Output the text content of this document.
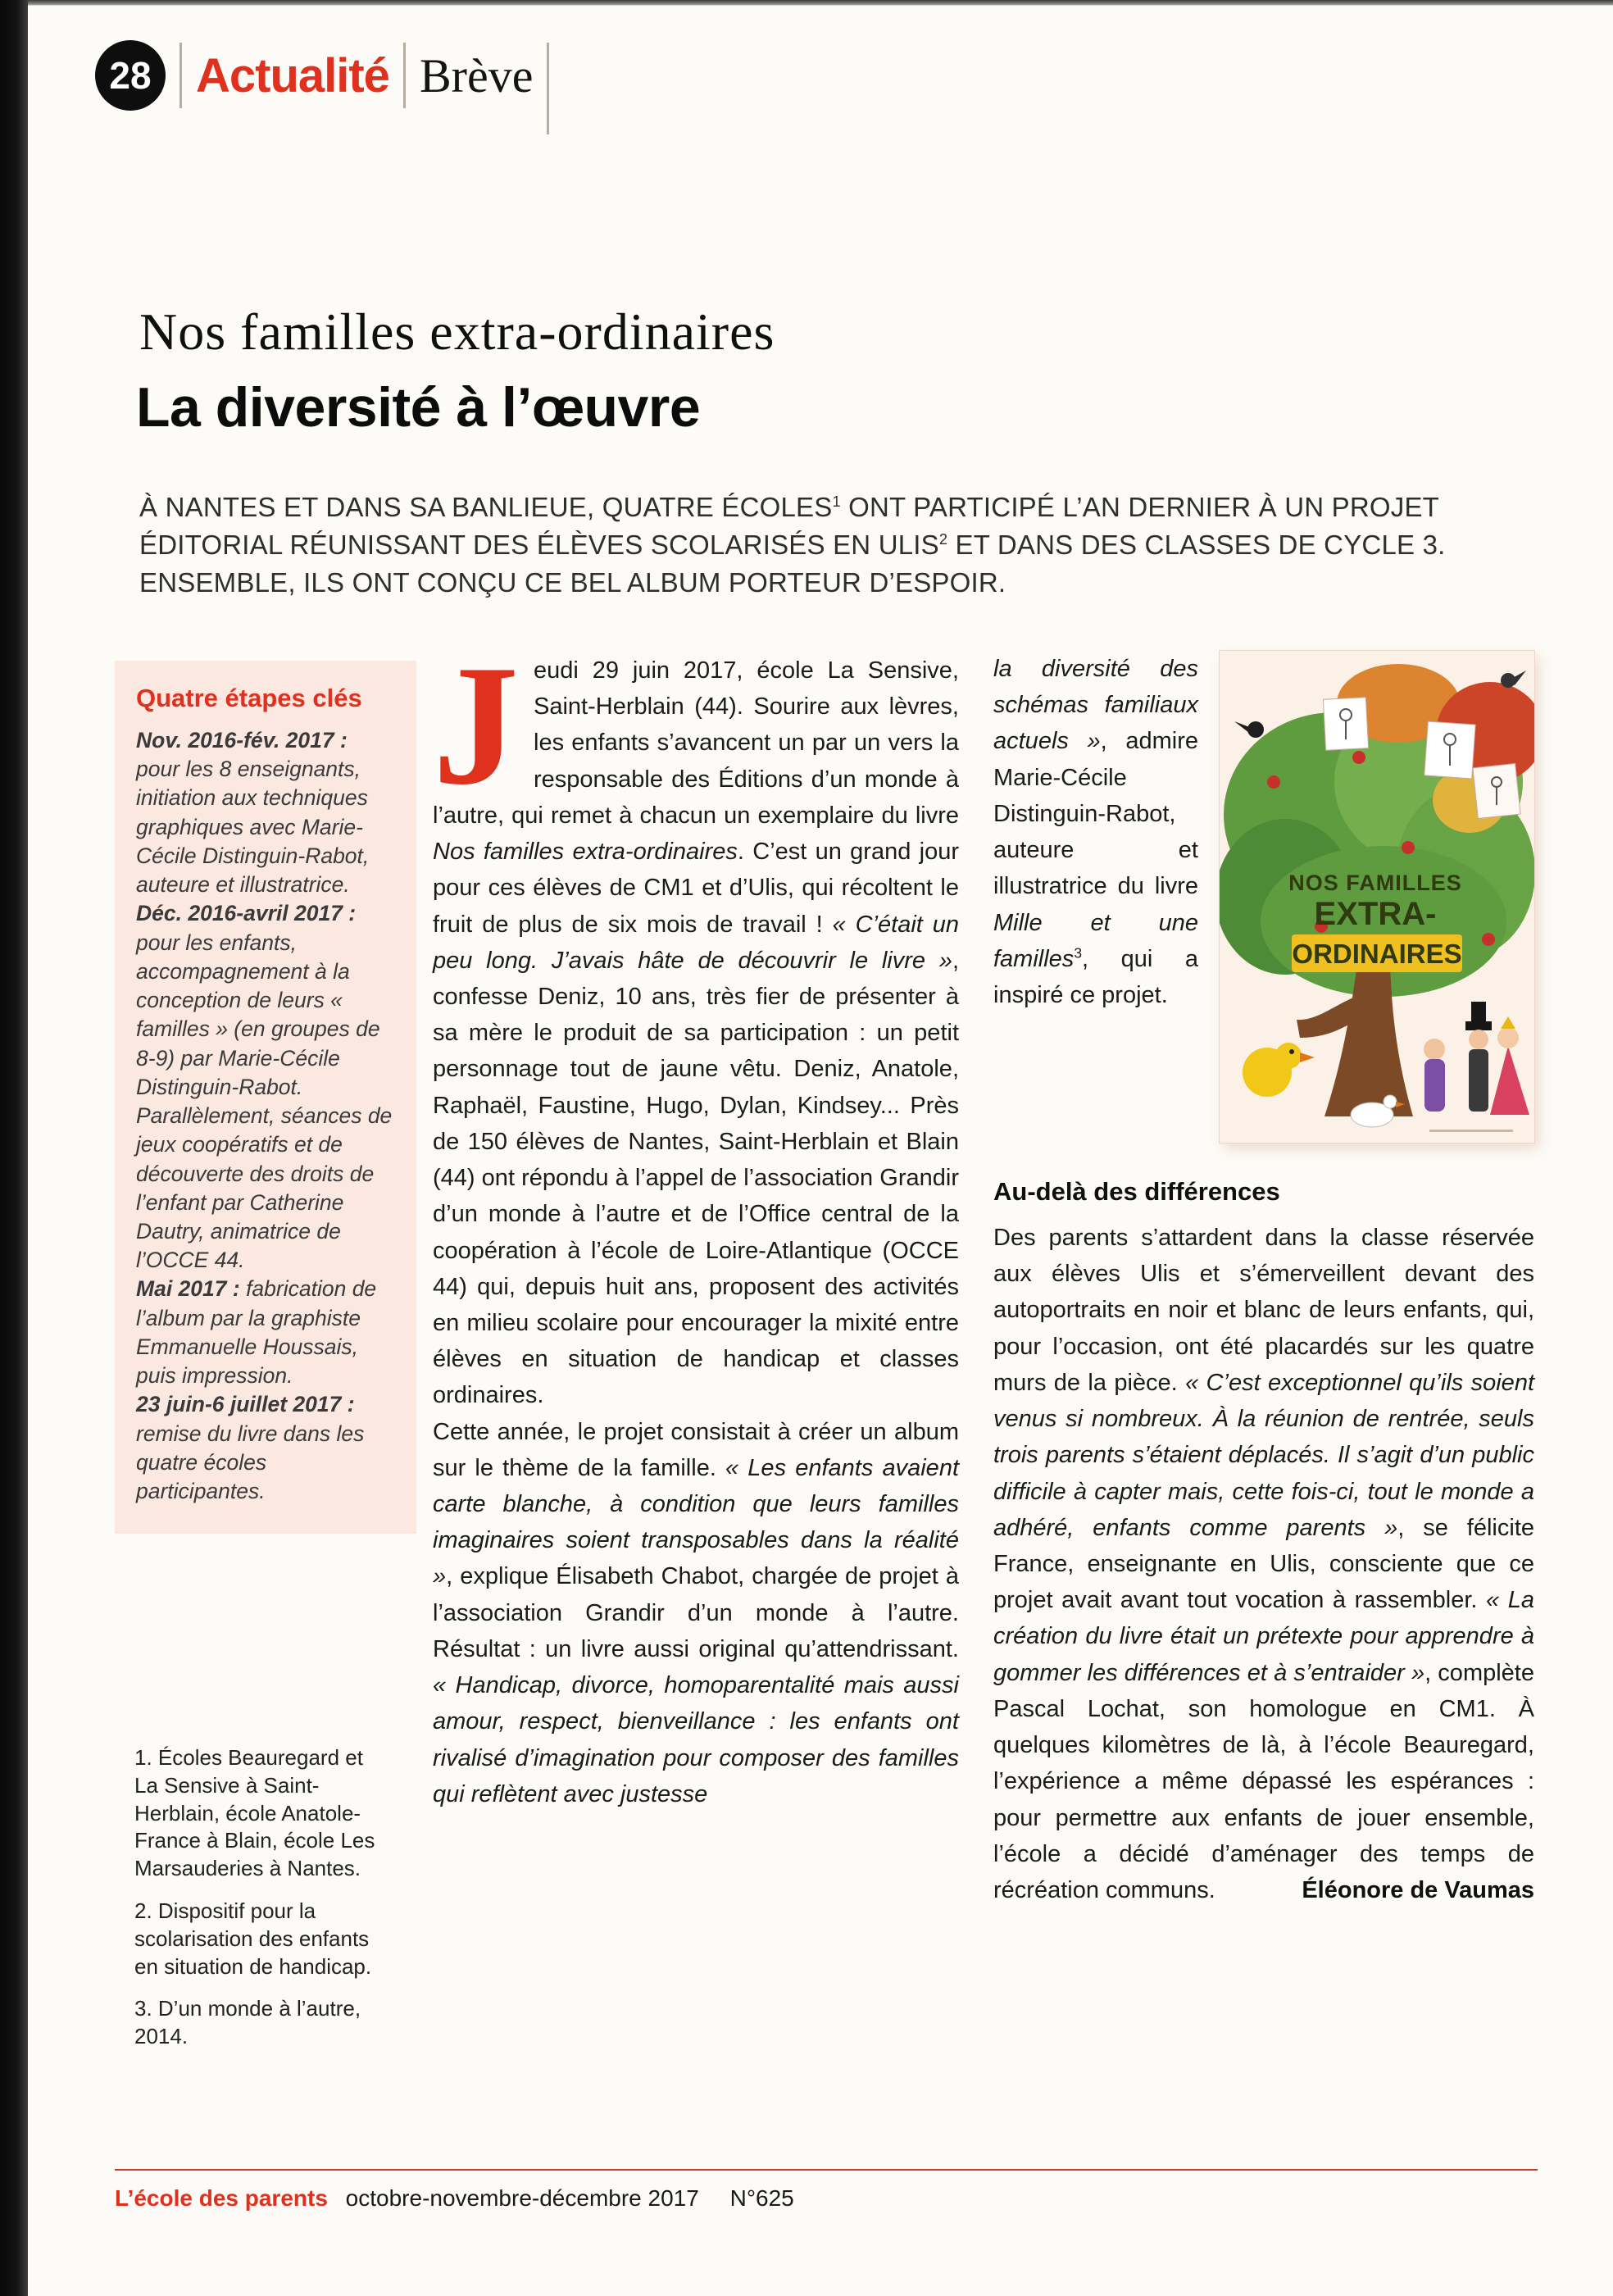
28 Actualité Brève
Nos familles extra-ordinaires
La diversité à l’œuvre

À NANTES ET DANS SA BANLIEUE, QUATRE ÉCOLES$^1$ ONT PARTICIPÉ L’AN DERNIER À UN PROJET ÉDITORIAL RÉUNISSANT DES ÉLÈVES SCOLARISÉS EN ULIS$^2$ ET DANS DES CLASSES DE CYCLE 3. ENSEMBLE, ILS ONT CONÇU CE BEL ALBUM PORTEUR D’ESPOIR.

Quatre étapes clés

Nov. 2016-fév. 2017 : pour les 8 enseignants, initiation aux techniques graphiques avec Marie-Cécile Distinguin-Rabot, auteure et illustratrice.

Déc. 2016-avril 2017 : pour les enfants, accompagnement à la conception de leurs « familles » (en groupes de 8-9) par Marie-Cécile Distinguin-Rabot. Parallèlement, séances de jeux coopératifs et de découverte des droits de l’enfant par Catherine Dautry, animatrice de l’OCCE 44.

Mai 2017 : fabrication de l’album par la graphiste Emmanuelle Houssais, puis impression.

23 juin-6 juillet 2017 : remise du livre dans les quatre écoles participantes.

1. Écoles Beauregard et La Sensive à Saint-Herblain, école Anatole-France à Blain, école Les Marsauderies à Nantes.

2. Dispositif pour la scolarisation des enfants en situation de handicap.

3. D’un monde à l’autre, 2014.

Jeudi 29 juin 2017, école La Sensive, Saint-Herblain (44). Sourire aux lèvres, les enfants s’avancent un par un vers la responsable des Éditions d’un monde à l’autre, qui remet à chacun un exemplaire du livre Nos familles extra-ordinaires. C’est un grand jour pour ces élèves de CM1 et d’Ulis, qui récoltent le fruit de plus de six mois de travail ! « C’était un peu long. J’avais hâte de découvrir le livre », confesse Deniz, 10 ans, très fier de présenter à sa mère le produit de sa participation : un petit personnage tout de jaune vêtu. Deniz, Anatole, Raphaël, Faustine, Hugo, Dylan, Kindsey... Près de 150 élèves de Nantes, Saint-Herblain et Blain (44) ont répondu à l’appel de l’association Grandir d’un monde à l’autre et de l’Office central de la coopération à l’école de Loire-Atlantique (OCCE 44) qui, depuis huit ans, proposent des activités en milieu scolaire pour encourager la mixité entre élèves en situation de handicap et classes ordinaires.

Cette année, le projet consistait à créer un album sur le thème de la famille. « Les enfants avaient carte blanche, à condition que leurs familles imaginaires soient transposables dans la réalité », explique Élisabeth Chabot, chargée de projet à l’association Grandir d’un monde à l’autre. Résultat : un livre aussi original qu’attendrissant. « Handicap, divorce, homoparentalité mais aussi amour, respect, bienveillance : les enfants ont rivalisé d’imagination pour composer des familles qui reflètent avec justesse

la diversité des schémas familiaux actuels », admire Marie-Cécile Distinguin-Rabot, auteure et illustratrice du livre Mille et une familles$^3$, qui a inspiré ce projet.

NOS FAMILLES
EXTRA-
ORDINAIRES
Au-delà des différences

Des parents s’attardent dans la classe réservée aux élèves Ulis et s’émerveillent devant des autoportraits en noir et blanc de leurs enfants, qui, pour l’occasion, ont été placardés sur les quatre murs de la pièce. « C’est exceptionnel qu’ils soient venus si nombreux. À la réunion de rentrée, seuls trois parents s’étaient déplacés. Il s’agit d’un public difficile à capter mais, cette fois-ci, tout le monde a adhéré, enfants comme parents », se félicite France, enseignante en Ulis, consciente que ce projet avait avant tout vocation à rassembler. « La création du livre était un prétexte pour apprendre à gommer les différences et à s’entraider », complète Pascal Lochat, son homologue en CM1. À quelques kilomètres de là, à l’école Beauregard, l’expérience a même dépassé les espérances : pour permettre aux enfants de jouer ensemble, l’école a décidé d’aménager des temps de récréation communs.	Éléonore de Vaumas

L’école des parents octobre-novembre-décembre 2017 N°625
